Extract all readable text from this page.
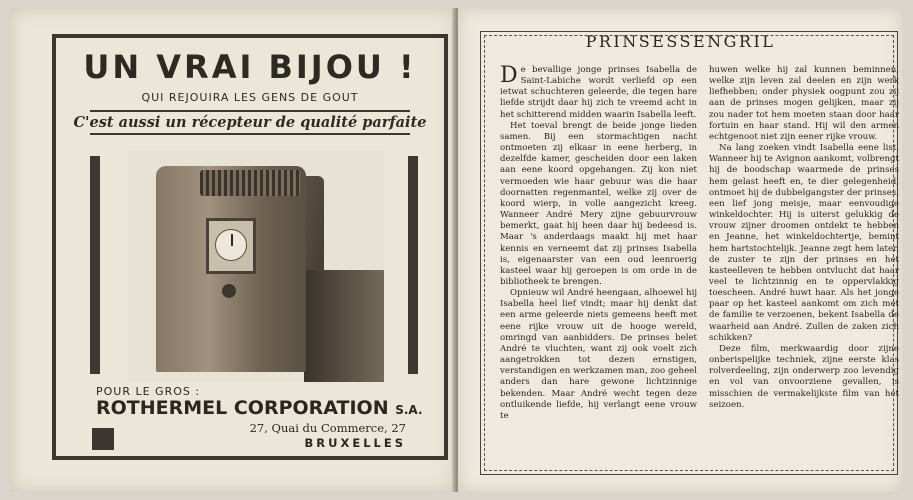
UN VRAI BIJOU !
QUI REJOUIRA LES GENS DE GOUT
C'est aussi un récepteur de qualité parfaite
POUR LE GROS :
ROTHERMEL CORPORATION S.A.
27, Quai du Commerce, 27
BRUXELLES
PRINSESSENGRIL

De bevallige jonge prinses Isabella de Saint-Labiche wordt verliefd op een ietwat schuchteren geleerde, die tegen hare liefde strijdt daar hij zich te vreemd acht in het schitterend midden waarin Isabella leeft.

Het toeval brengt de beide jonge lieden samen. Bij een stormachtigen nacht ontmoeten zij elkaar in eene herberg, in dezelfde kamer, gescheiden door een laken aan eene koord opgehangen. Zij kon niet vermoeden wie haar gebuur was die haar doornatten regenmantel, welke zij over de koord wierp, in volle aangezicht kreeg. Wanneer André Mery zijne gebuurvrouw bemerkt, gaat hij heen daar hij bedeesd is. Maar 's anderdaags maakt hij met haar kennis en verneemt dat zij prinses Isabella is, eigenaarster van een oud leenroerig kasteel waar hij geroepen is om orde in de bibliotheek te brengen.

Opnieuw wil André heengaan, alhoewel hij Isabella heel lief vindt; maar hij denkt dat een arme geleerde niets gemeens heeft met eene rijke vrouw uit de hooge wereld, omringd van aanbidders. De prinses belet André te vluchten, want zij ook voelt zich aangetrokken tot dezen ernstigen, verstandigen en werkzamen man, zoo geheel anders dan hare gewone lichtzinnige bekenden. Maar André wecht tegen deze ontluikende liefde, hij verlangt eene vrouw te

huwen welke hij zal kunnen beminnen, welke zijn leven zal deelen en zijn werk liefhebben; onder physiek oogpunt zou zij aan de prinses mogen gelijken, maar zij zou nader tot hem moeten staan door haar fortuin en haar stand. Hij wil den armen echtgenoot niet zijn eener rijke vrouw.

Na lang zoeken vindt Isabella eene list. Wanneer hij te Avignon aankomt, volbrengt hij de boodschap waarmede de prinses hem gelast heeft en, te dier gelegenheid, ontmoet hij de dubbelgangster der prinses, een lief jong meisje, maar eenvoudige winkeldochter. Hij is uiterst gelukkig de vrouw zijner droomen ontdekt te hebben en Jeanne, het winkeldochtertje, bemint hem hartstochtelijk. Jeanne zegt hem later, de zuster te zijn der prinses en het kasteelleven te hebben ontvlucht dat haar veel te lichtzinnig en te oppervlakkig toescheen. André huwt haar. Als het jonge paar op het kasteel aankomt om zich met de familie te verzoenen, bekent Isabella de waarheid aan André. Zullen de zaken zich schikken?

Deze film, merkwaardig door zijne onberispelijke techniek, zijne eerste klas rolverdeeling, zijn onderwerp zoo levendig en vol van onvoorziene gevallen, is misschien de vermakelijkste film van het seizoen.
